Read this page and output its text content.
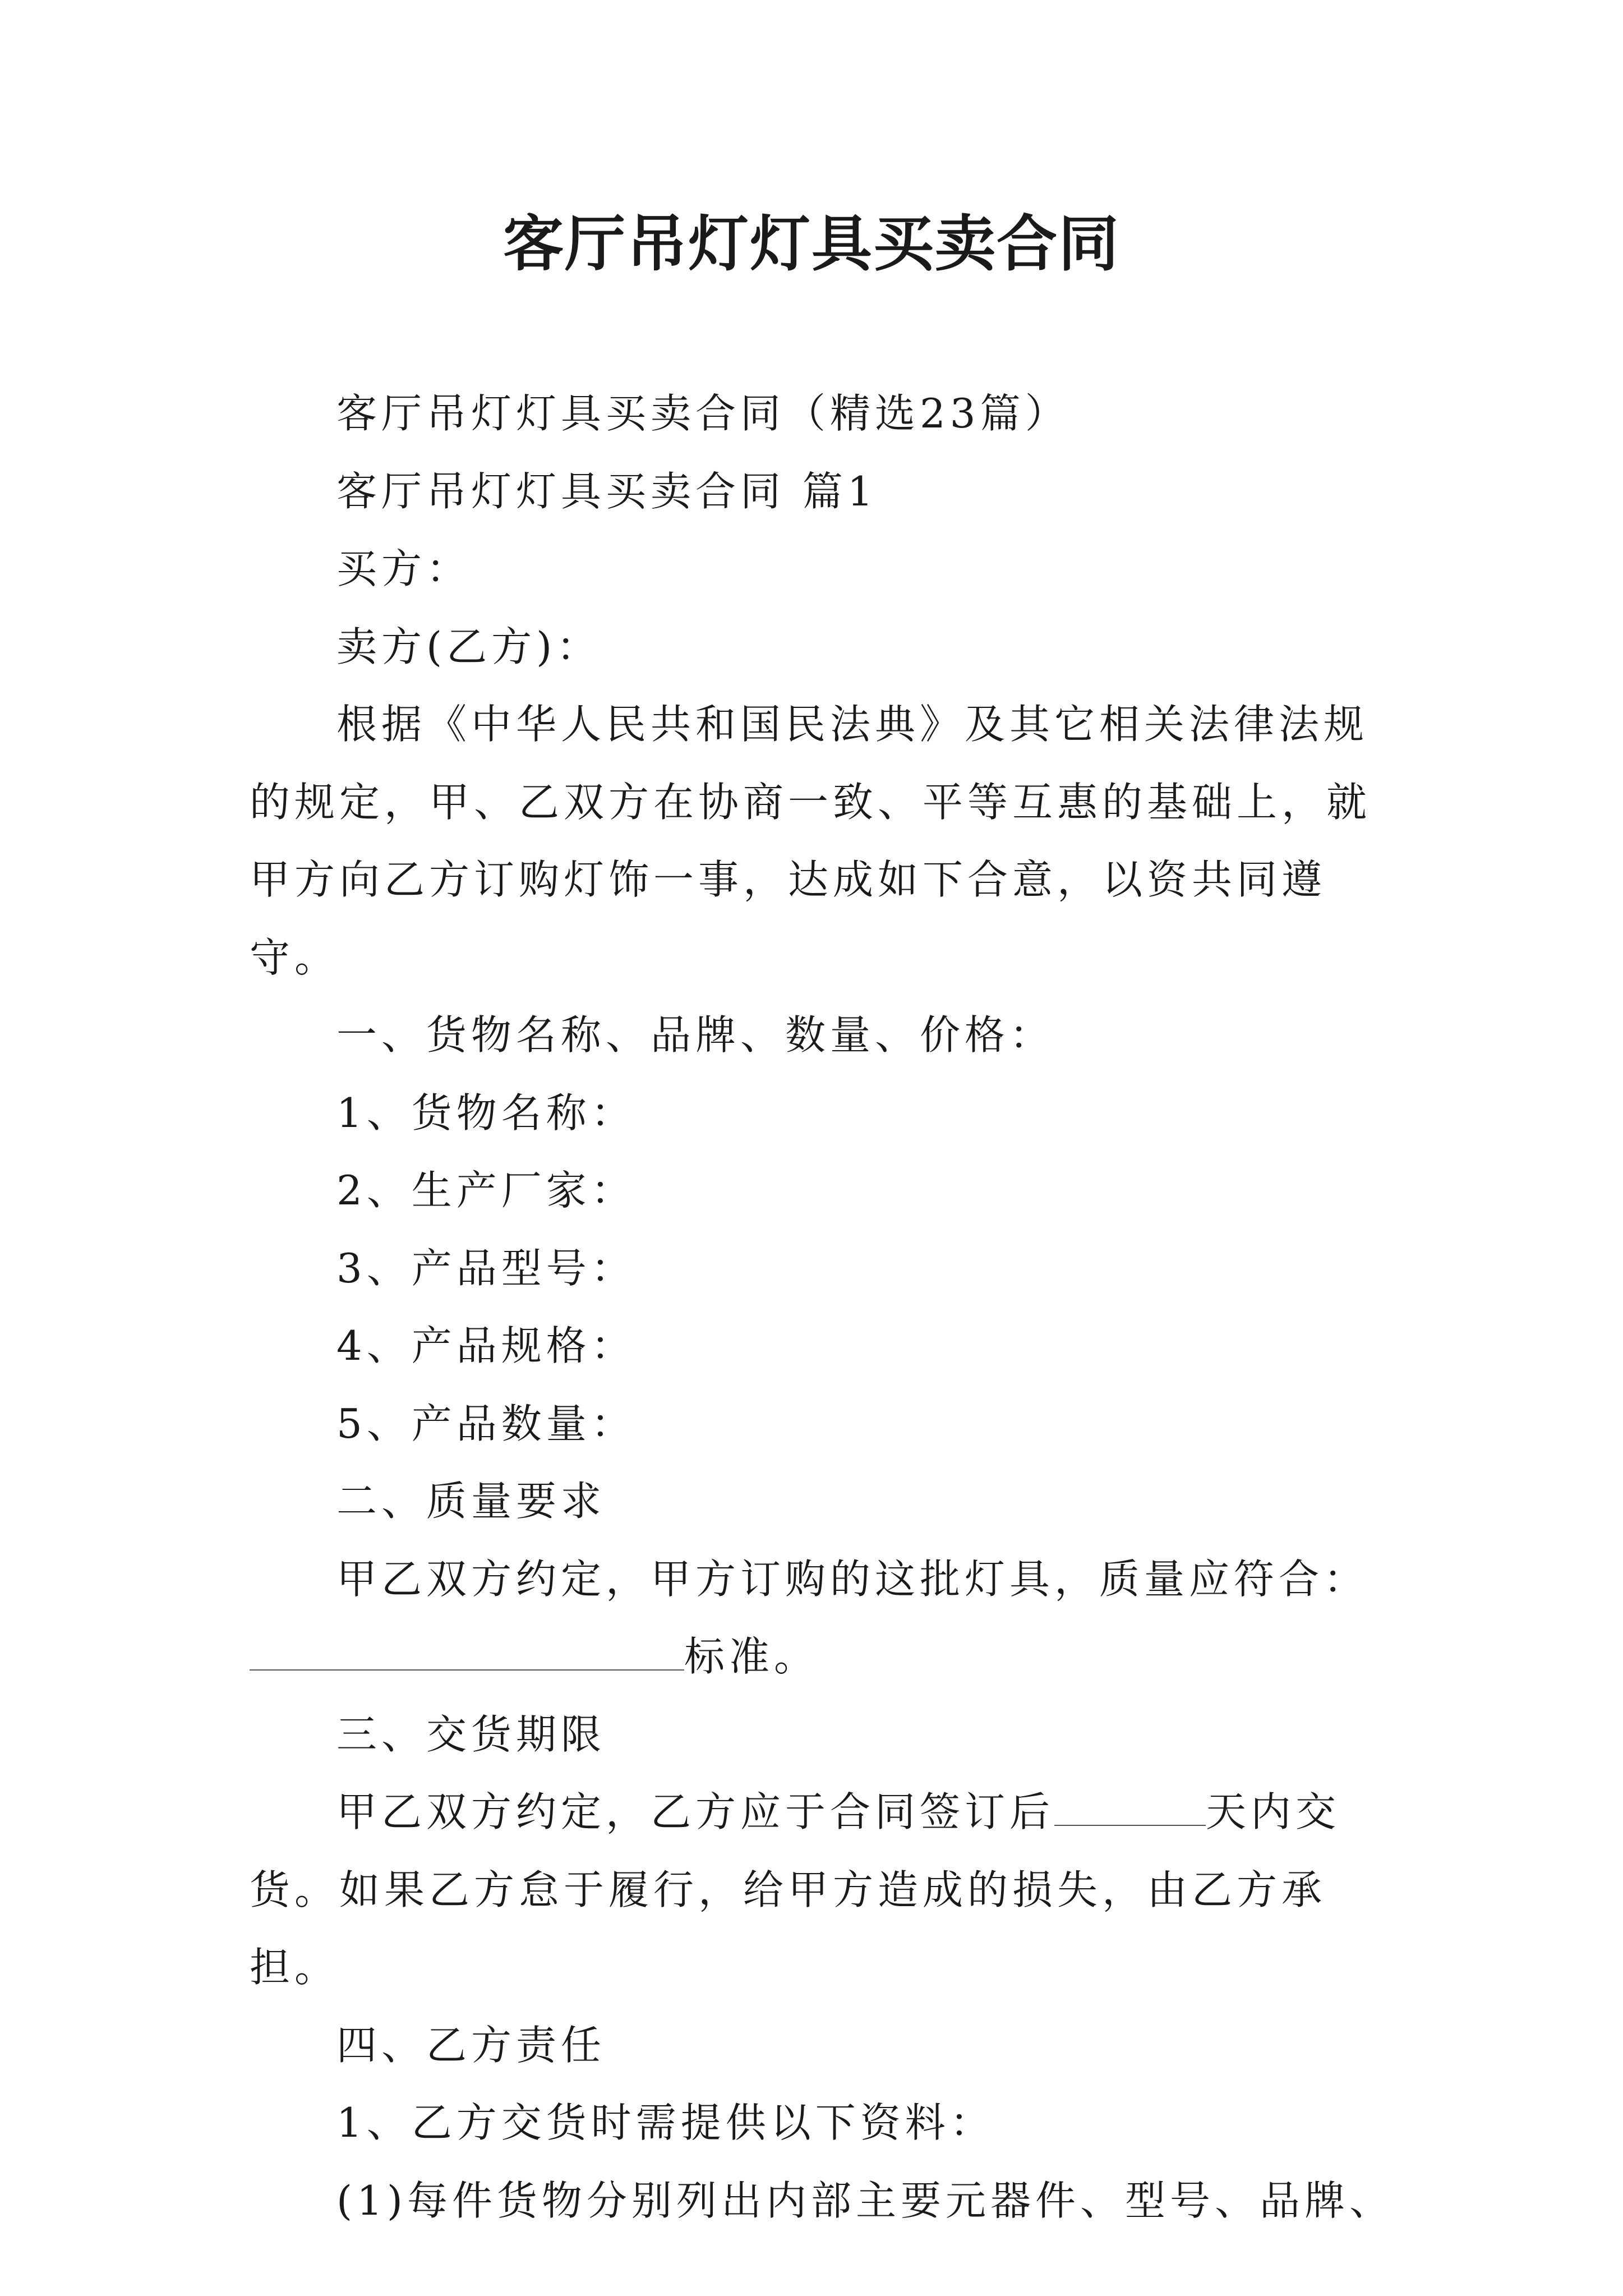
客厅吊灯灯具买卖合同

客厅吊灯灯具买卖合同（精选23篇）

客厅吊灯灯具买卖合同 篇1

买方：

卖方(乙方)：

根据《中华人民共和国民法典》及其它相关法律法规的规定，甲、乙双方在协商一致、平等互惠的基础上，就甲方向乙方订购灯饰一事，达成如下合意，以资共同遵守。

一、货物名称、品牌、数量、价格：

1、货物名称：

2、生产厂家：

3、产品型号：

4、产品规格：

5、产品数量：

二、质量要求

甲乙双方约定，甲方订购的这批灯具，质量应符合：

标准。

三、交货期限

甲乙双方约定，乙方应于合同签订后	天内交货。如果乙方怠于履行，给甲方造成的损失，由乙方承担。

四、乙方责任

1、乙方交货时需提供以下资料：

(1)每件货物分别列出内部主要元器件、型号、品牌、
